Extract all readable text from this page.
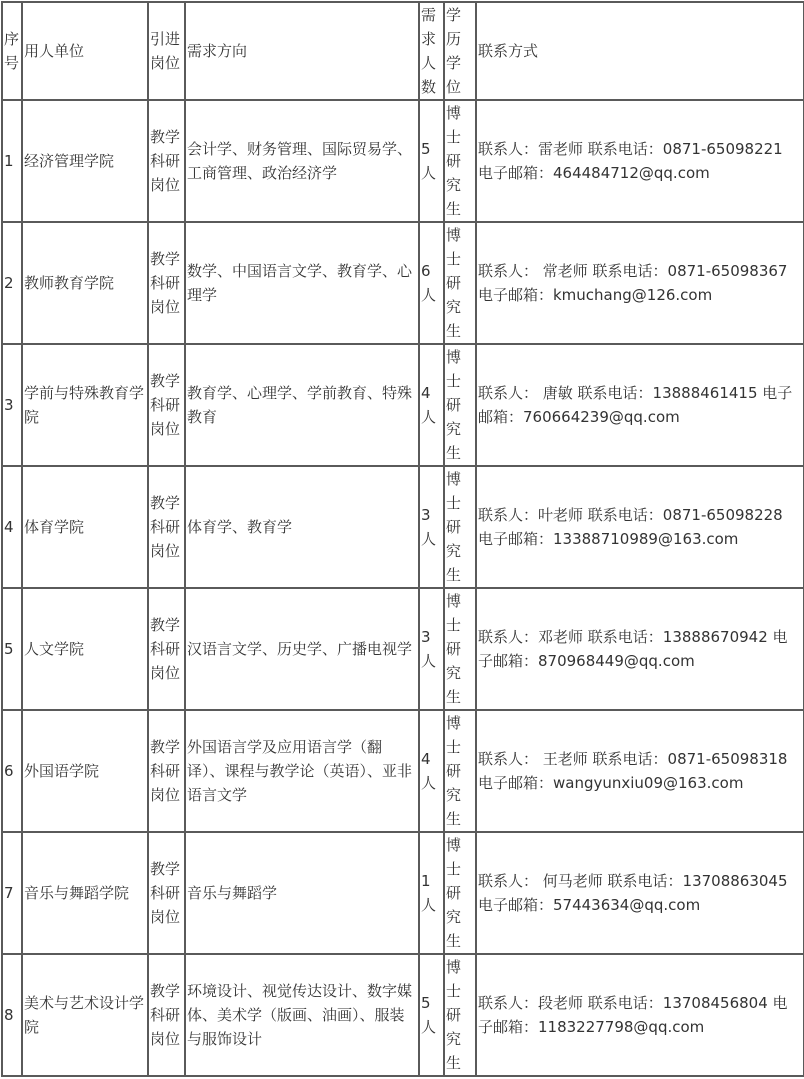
序号	用人单位	引进岗位	需求方向	需求人数	学历学位	联系方式
1	经济管理学院	教学科研岗位	会计学、财务管理、国际贸易学、工商管理、政治经济学	5人	博士研究生	联系人：雷老师 联系电话：0871-65098221 电子邮箱：464484712@qq.com
2	教师教育学院	教学科研岗位	数学、中国语言文学、教育学、心理学	6人	博士研究生	联系人： 常老师 联系电话：0871-65098367 电子邮箱：kmuchang@126.com
3	学前与特殊教育学院	教学科研岗位	教育学、心理学、学前教育、特殊教育	4人	博士研究生	联系人： 唐敏 联系电话：13888461415 电子邮箱：760664239@qq.com
4	体育学院	教学科研岗位	体育学、教育学	3人	博士研究生	联系人：叶老师 联系电话：0871-65098228 电子邮箱：13388710989@163.com
5	人文学院	教学科研岗位	汉语言文学、历史学、广播电视学	3人	博士研究生	联系人：邓老师 联系电话：13888670942 电子邮箱：870968449@qq.com
6	外国语学院	教学科研岗位	外国语言学及应用语言学（翻译）、课程与教学论（英语）、亚非语言文学	4人	博士研究生	联系人： 王老师 联系电话：0871-65098318 电子邮箱：wangyunxiu09@163.com
7	音乐与舞蹈学院	教学科研岗位	音乐与舞蹈学	1人	博士研究生	联系人： 何马老师 联系电话：13708863045 电子邮箱：57443634@qq.com
8	美术与艺术设计学院	教学科研岗位	环境设计、视觉传达设计、数字媒体、美术学（版画、油画）、服装与服饰设计	5人	博士研究生	联系人：段老师 联系电话：13708456804 电子邮箱：1183227798@qq.com
